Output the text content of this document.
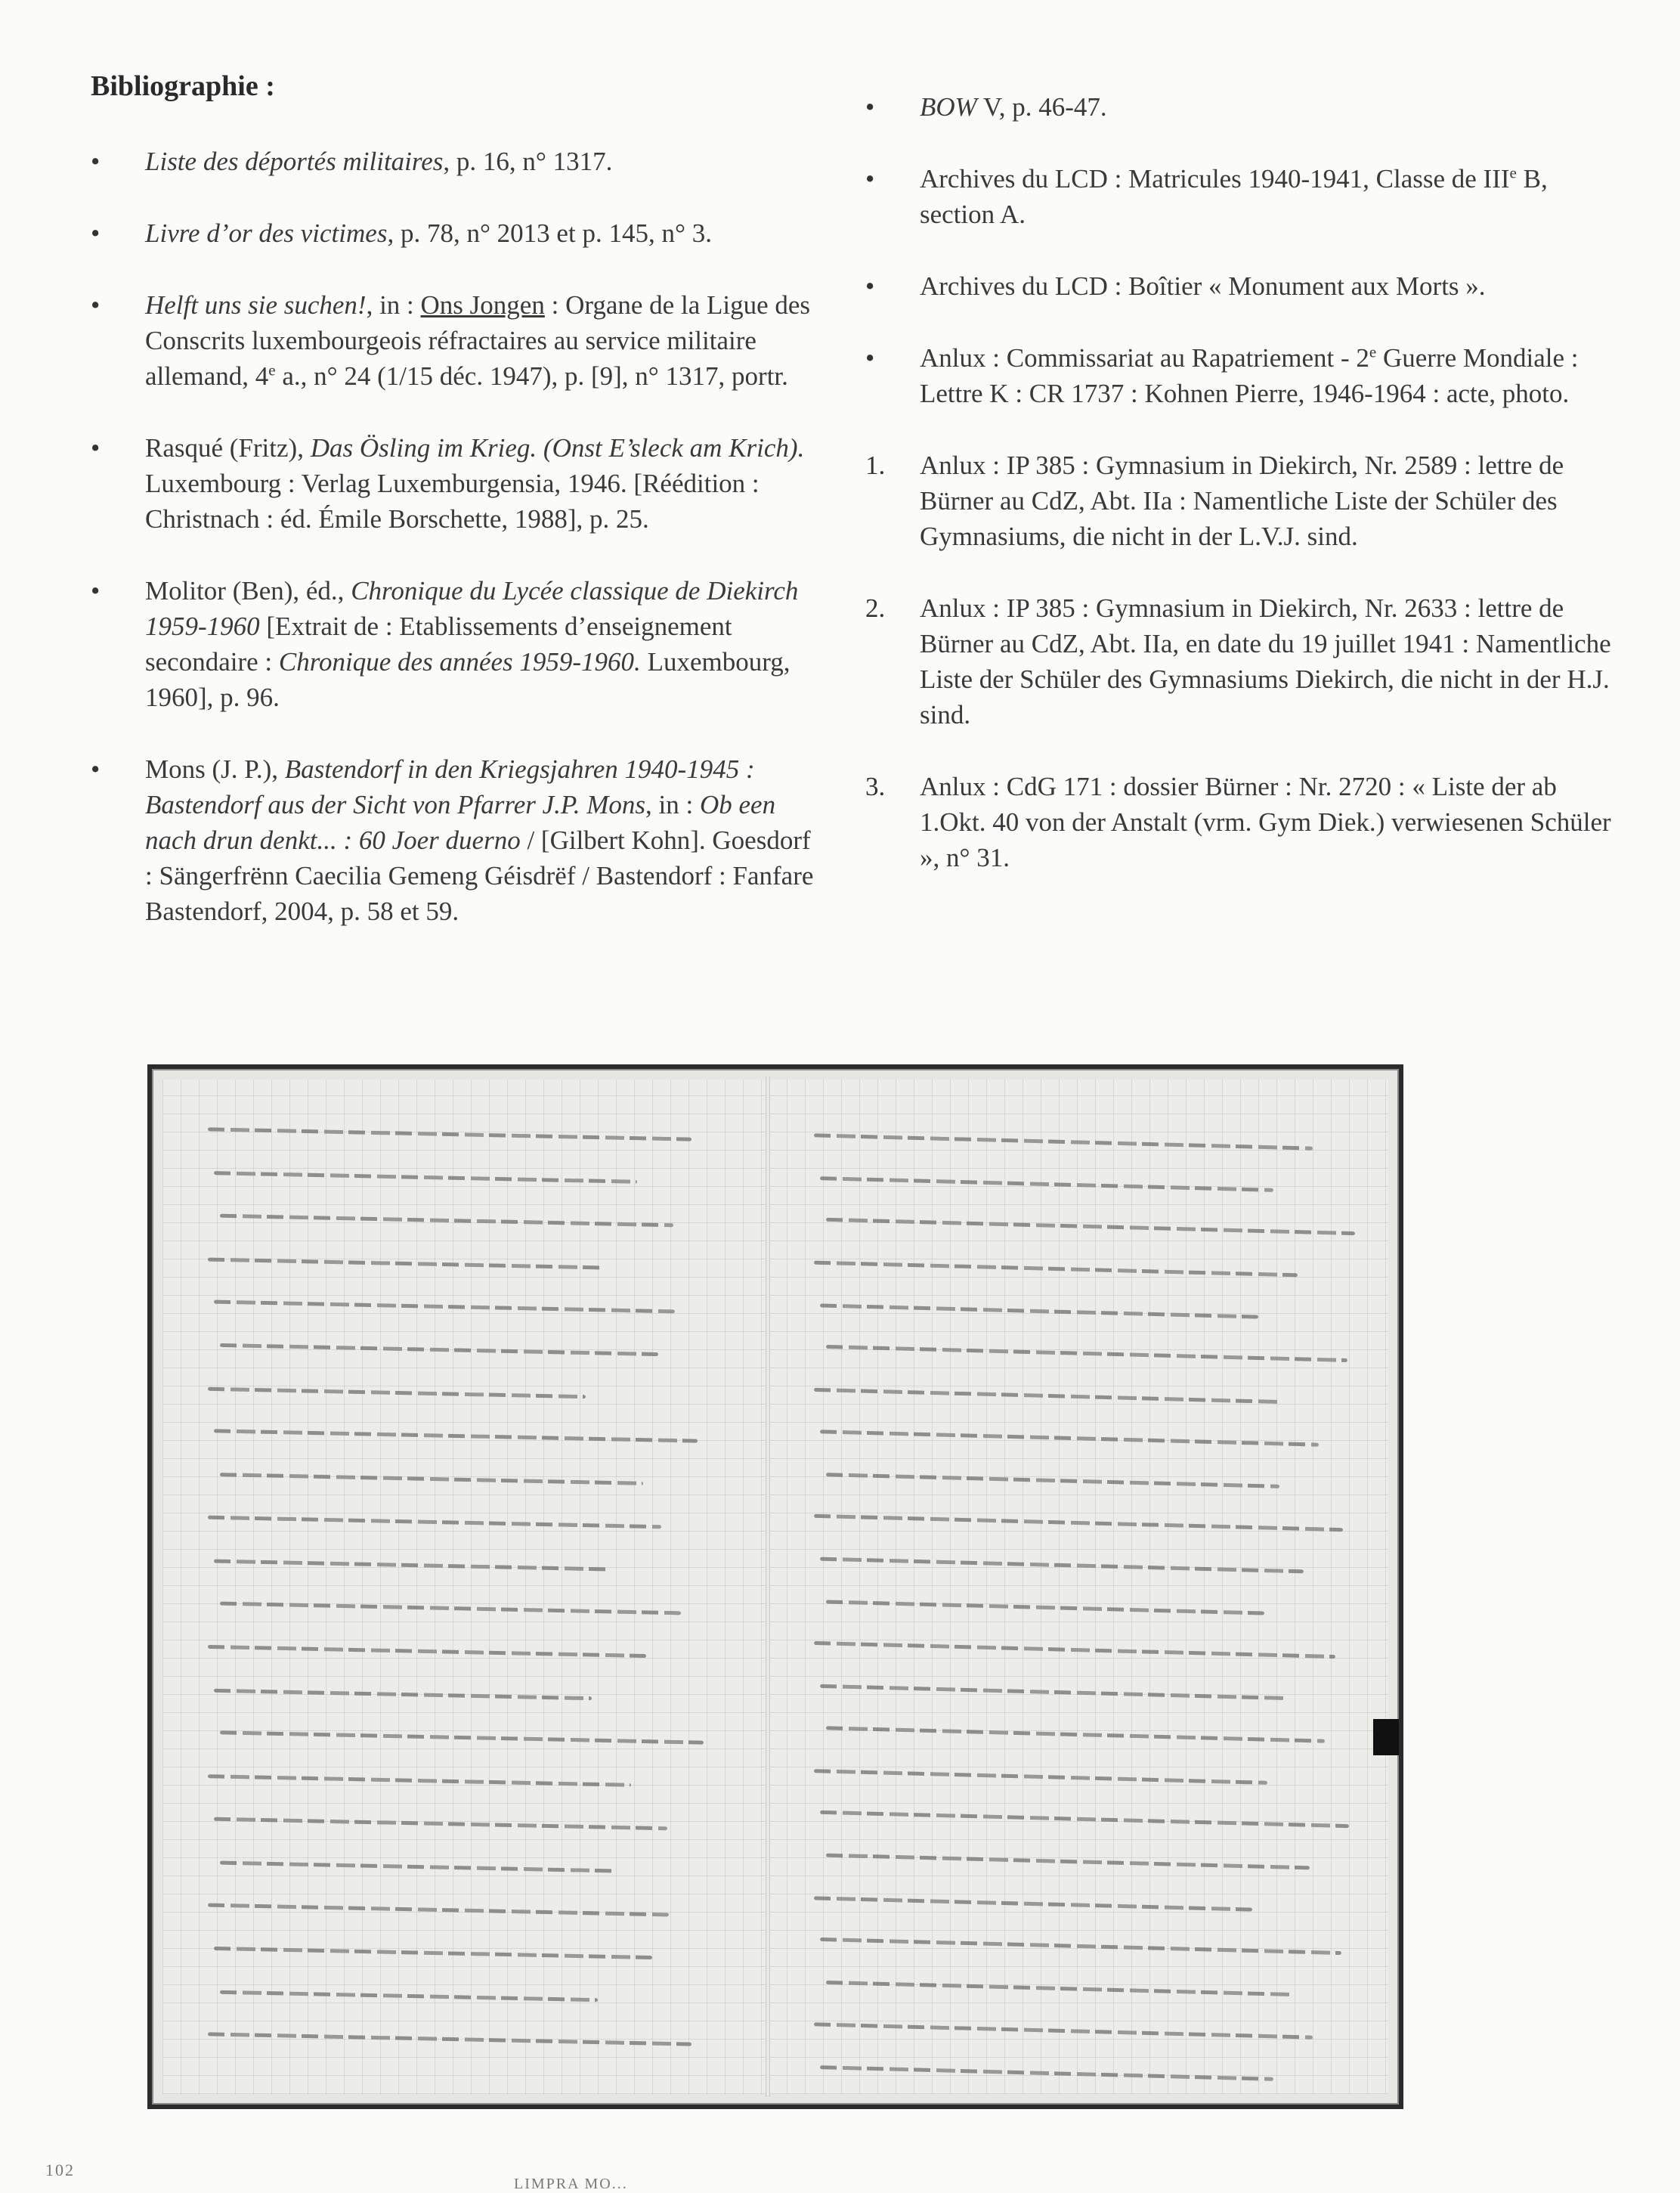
Bibliographie :

•	Liste des déportés militaires, p. 16, n° 1317.

•	Livre d’or des victimes, p. 78, n° 2013 et p. 145, n° 3.

•	Helft uns sie suchen!, in : Ons Jongen : Organe de la Ligue des Conscrits luxembourgeois réfractaires au service militaire allemand, 4e a., n° 24 (1/15 déc. 1947), p. [9], n° 1317, portr.

•	Rasqué (Fritz), Das Ösling im Krieg. (Onst E’sleck am Krich). Luxembourg : Verlag Luxemburgensia, 1946. [Réédition : Christnach : éd. Émile Borschette, 1988], p. 25.

•	Molitor (Ben), éd., Chronique du Lycée classique de Diekirch 1959-1960 [Extrait de : Etablissements d’enseignement secondaire : Chronique des années 1959-1960. Luxembourg, 1960], p. 96.

•	Mons (J. P.), Bastendorf in den Kriegsjahren 1940-1945 : Bastendorf aus der Sicht von Pfarrer J.P. Mons, in : Ob een nach drun denkt... : 60 Joer duerno / [Gilbert Kohn]. Goesdorf : Sängerfrënn Caecilia Gemeng Géisdrëf / Bastendorf : Fanfare Bastendorf, 2004, p. 58 et 59.

•	BOW V, p. 46-47.

•	Archives du LCD : Matricules 1940-1941, Classe de IIIe B, section A.

•	Archives du LCD : Boîtier « Monument aux Morts ».

•	Anlux : Commissariat au Rapatriement - 2e Guerre Mondiale : Lettre K : CR 1737 : Kohnen Pierre, 1946-1964 : acte, photo.

1.	Anlux : IP 385 : Gymnasium in Diekirch, Nr. 2589 : lettre de Bürner au CdZ, Abt. IIa : Namentliche Liste der Schüler des Gymnasiums, die nicht in der L.V.J. sind.

2.	Anlux : IP 385 : Gymnasium in Diekirch, Nr. 2633 : lettre de Bürner au CdZ, Abt. IIa, en date du 19 juillet 1941 : Namentliche Liste der Schüler des Gymnasiums Diekirch, die nicht in der H.J. sind.

3.	Anlux : CdG 171 : dossier Bürner : Nr. 2720 : « Liste der ab 1.Okt. 40 von der Anstalt (vrm. Gym Diek.) verwiesenen Schüler », n° 31.

102
LIMPRA MO...
